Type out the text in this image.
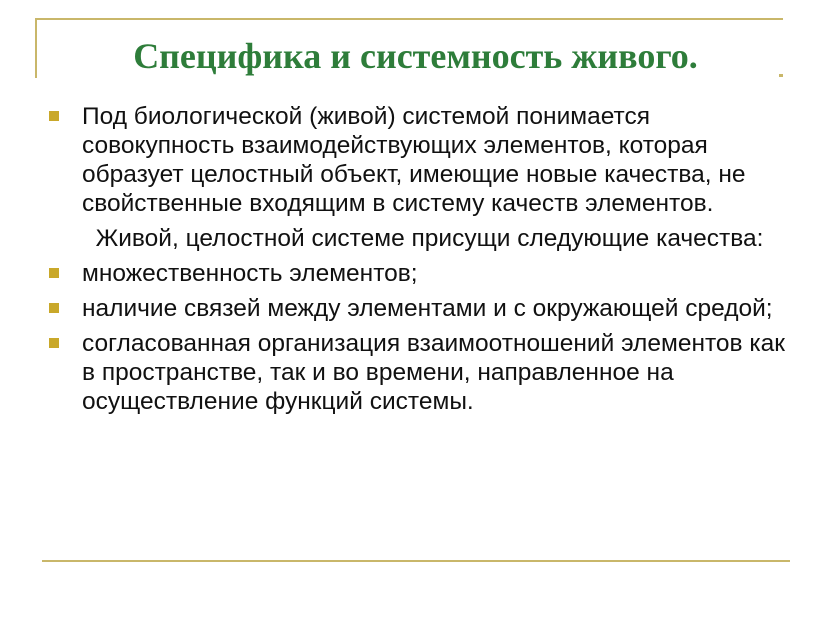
Специфика и системность живого.
Под биологической (живой) системой понимается совокупность взаимодействующих элементов, которая образует целостный объект, имеющие новые качества, не свойственные входящим в систему качеств элементов.
Живой, целостной системе присущи следующие качества:
множественность элементов;
наличие связей между элементами и с окружающей средой;
согласованная организация взаимоотношений элементов как в пространстве, так и во времени, направленное на осуществление функций системы.
